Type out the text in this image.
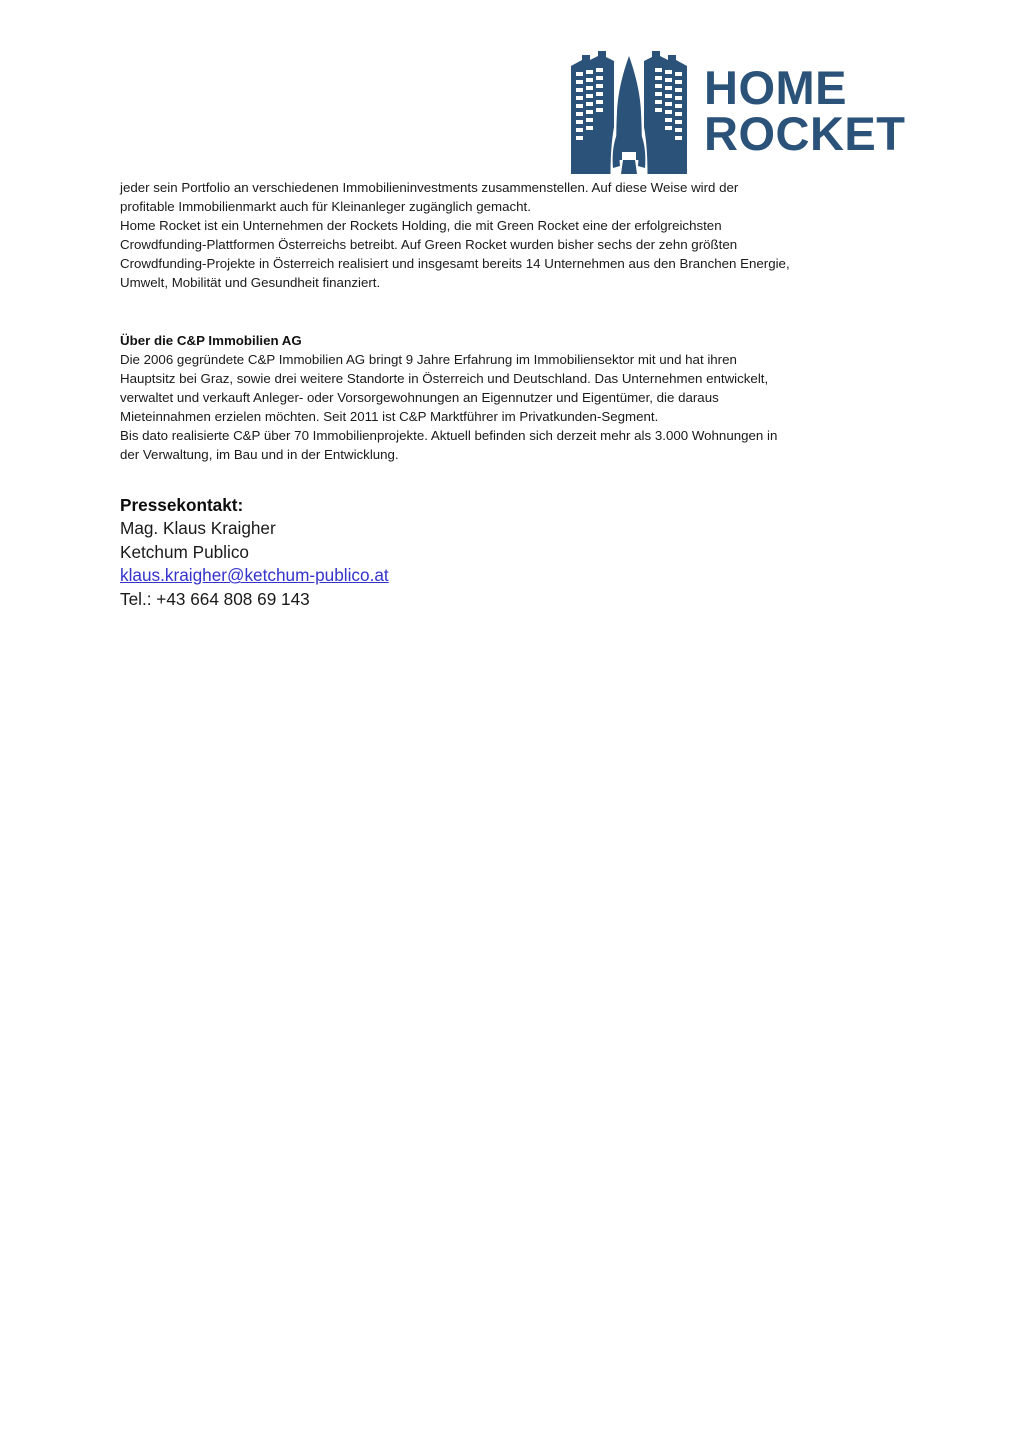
HOME
ROCKET

jeder sein Portfolio an verschiedenen Immobilieninvestments zusammenstellen. Auf diese Weise wird der
profitable Immobilienmarkt auch für Kleinanleger zugänglich gemacht.
Home Rocket ist ein Unternehmen der Rockets Holding, die mit Green Rocket eine der erfolgreichsten
Crowdfunding-Plattformen Österreichs betreibt. Auf Green Rocket wurden bisher sechs der zehn größten
Crowdfunding-Projekte in Österreich realisiert und insgesamt bereits 14 Unternehmen aus den Branchen Energie,
Umwelt, Mobilität und Gesundheit finanziert.

Über die C&P Immobilien AG

Die 2006 gegründete C&P Immobilien AG bringt 9 Jahre Erfahrung im Immobiliensektor mit und hat ihren
Hauptsitz bei Graz, sowie drei weitere Standorte in Österreich und Deutschland. Das Unternehmen entwickelt,
verwaltet und verkauft Anleger- oder Vorsorgewohnungen an Eigennutzer und Eigentümer, die daraus
Mieteinnahmen erzielen möchten. Seit 2011 ist C&P Marktführer im Privatkunden-Segment.
Bis dato realisierte C&P über 70 Immobilienprojekte. Aktuell befinden sich derzeit mehr als 3.000 Wohnungen in
der Verwaltung, im Bau und in der Entwicklung.

Pressekontakt:
Mag. Klaus Kraigher
Ketchum Publico
klaus.kraigher@ketchum-publico.at
Tel.: +43 664 808 69 143
